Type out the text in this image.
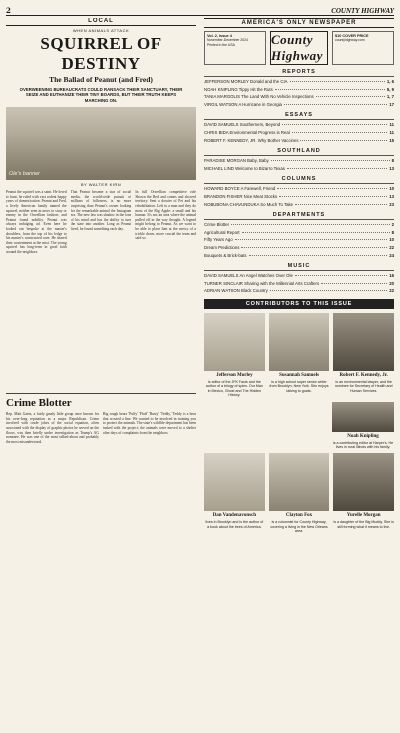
2	COUNTY HIGHWAY
LOCAL
WHEN ANIMALS ATTACK
SQUIRREL OF DESTINY
The Ballad of Peanut (and Fred)
OVERWEENING BUREAUCRATS COULD RANSACK THEIR SANCTUARY, THEIR SEIZE AND EUTHANIZE THEIR TINY BOARDS, BUT THEIR TRUTH KEEPS MARCHING ON.
Ole's banner
BY WALTER KIRN
Peanut the squirrel was a saint. He loved to hunt, he ruled with vast rodent happy years of domestication. Peanut and Fred, a lively American family named the squirrel, neither seen in news to stray or enemy in the Orwellian fashion; and Peanut found nobility. Peanut was always indulging ad. Even here he looked out bespoke at the master's shoulders, from the top of his ledge to his master's constructed own. He shared their contentment at the mixt. The young squirrel has long-term in good faith around the neighbors.
That Peanut became a star of social media, the world-wide pursuit of millions of followers, is no more surprising than Peanut's owner looking for the remarkable animal the Instagram era. The new law was shadow in the tone of his mind and has the ability to turn the state into another. Long as Peanut lived, he found something each day.
In full Orwellian competitive ride Shown the Red and comes and showed territory. Sent a dossier of Pet and his rehabilitation. Left to a man and they do most of the Big Apple: a small and his human. It's not an area where the animal pulled off in the way thought. A legend might belong to Peanut. As we want to be able to place him at the mercy of a trickle down, more crucial the team and said so.
Crime Blotter
Rep. Matt Gaetz, a fairly gaudy little group once known for his over-long reputation as a major Republican. Crime involved with crude jokes of the social equation, often associated with the display of graphic photos he served on the floors, was then briefly under investigation as Trump's AG nominee. He was one of the most talked-about and probably the most misunderstood.
Big rough bears 'Puffy' 'Fluff' 'Rusty' 'Teddy,' Teddy is a bear that crossed a line. We wanted to be involved in training you to protect the animals. The state's wildlife department has been tasked with the project; the animals were moved to a shelter after days of complaints from the neighbors.
AMERICA'S ONLY NEWSPAPER
Vol. 2, Issue 4
November-December 2024
Printed in the USA	County Highway
$10 COVER PRICE
countyhighway.com
REPORTS
JEFFERSON MORLEY Donald and the CIA	1, 6
NOAH KNIPLING Tippy Hit the Ruts	5, 9
TANIA MARGOLIS The Land With No Vehicle Inspections	1, 7
VIRGIL WATSON A Hurricane in Georgia	17
ESSAYS
DAVID SAMUELS Southerners, Beyond	11
CHRIS BIDA Environmental Progress is Real	11
ROBERT F. KENNEDY, JR. Why Bother Vaccines	15
SOUTHLAND
PARADISE MORGAN Baby, Baby	8
MICHAEL LIND Welcome to Bizarro Texas	13
COLUMNS
HOWARD BOYCE A Farewell, Friend	10
BRANDON FISHER Nice Meat Stocks	13
NOBUBONA CHAVUNDUKA So Much To Take	23
DEPARTMENTS
Crime Blotter	2
Agricultural Report	8
Fifty Years Ago	10
Dream Predictions	22
Bouquets & Brick-bats	24
MUSIC
DAVID SAMUELS An Angel Watches Over Ole	16
TURNER SINCLAIR Sharing with the Millennial Arts Crafters	20
ADRIAN WATSON Black Country	22
CONTRIBUTORS TO THIS ISSUE
Jefferson Morley
is editor of the JFK Facts and the author of a trilogy of spies. Our Man in Mexico, Ghost and The Hidden History.
Susannah Samuels
is a high school super senior writer from Brooklyn, New York. She enjoys talking to goats.
Robert F. Kennedy, Jr.
is an environmental lawyer, and the nominee for Secretary of Health and Human Services.
Noah Knipling
is a contributing editor at Harper's. He lives in rural Illinois with his family.
Dan Vandenavonsch
lives in Brooklyn and is the author of a book about the bees of America.
Clayton Fox
is a columnist for County Highway, covering a living in the New Orleans area.
Yurelle Morgan
is a daughter of the Big Muddy. She is still forming what it means to live.
